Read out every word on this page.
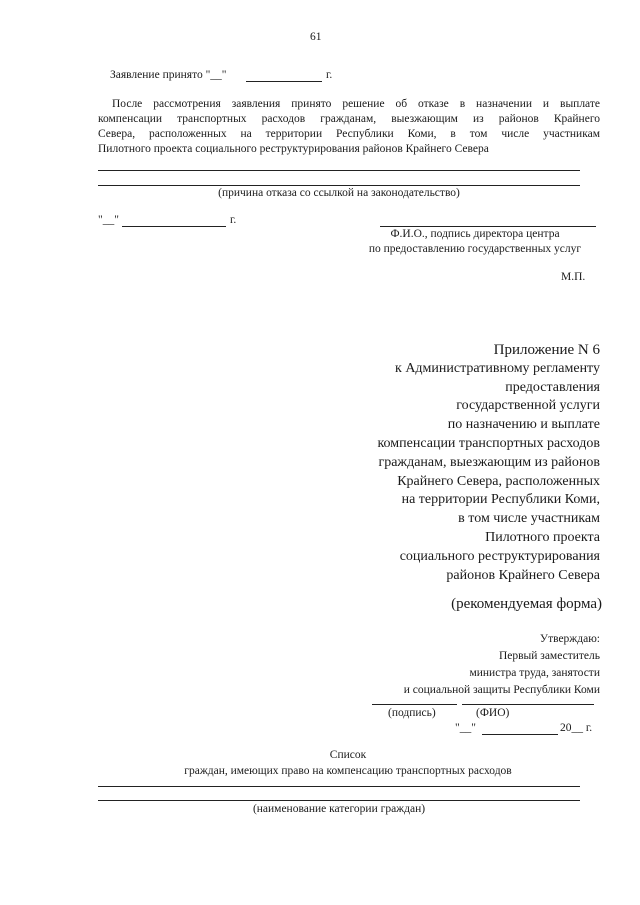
61
Заявление принято "__"	г.
После рассмотрения заявления принято решение об отказе в назначении и выплате
компенсации транспортных расходов гражданам, выезжающим из районов Крайнего
Севера, расположенных на территории Республики Коми, в том числе участникам
Пилотного проекта социального реструктурирования районов Крайнего Севера
(причина отказа со ссылкой на законодательство)
"__"	г.
Ф.И.О., подпись директора центра
по предоставлению государственных услуг
М.П.
Приложение N 6
к Административному регламенту
предоставления
государственной услуги
по назначению и выплате
компенсации транспортных расходов
гражданам, выезжающим из районов
Крайнего Севера, расположенных
на территории Республики Коми,
в том числе участникам
Пилотного проекта
социального реструктурирования
районов Крайнего Севера
(рекомендуемая форма)
Утверждаю:
Первый заместитель
министра труда, занятости
и социальной защиты Республики Коми
(подпись)	(ФИО)
"__"	20__ г.
Список
граждан, имеющих право на компенсацию транспортных расходов
(наименование категории граждан)
